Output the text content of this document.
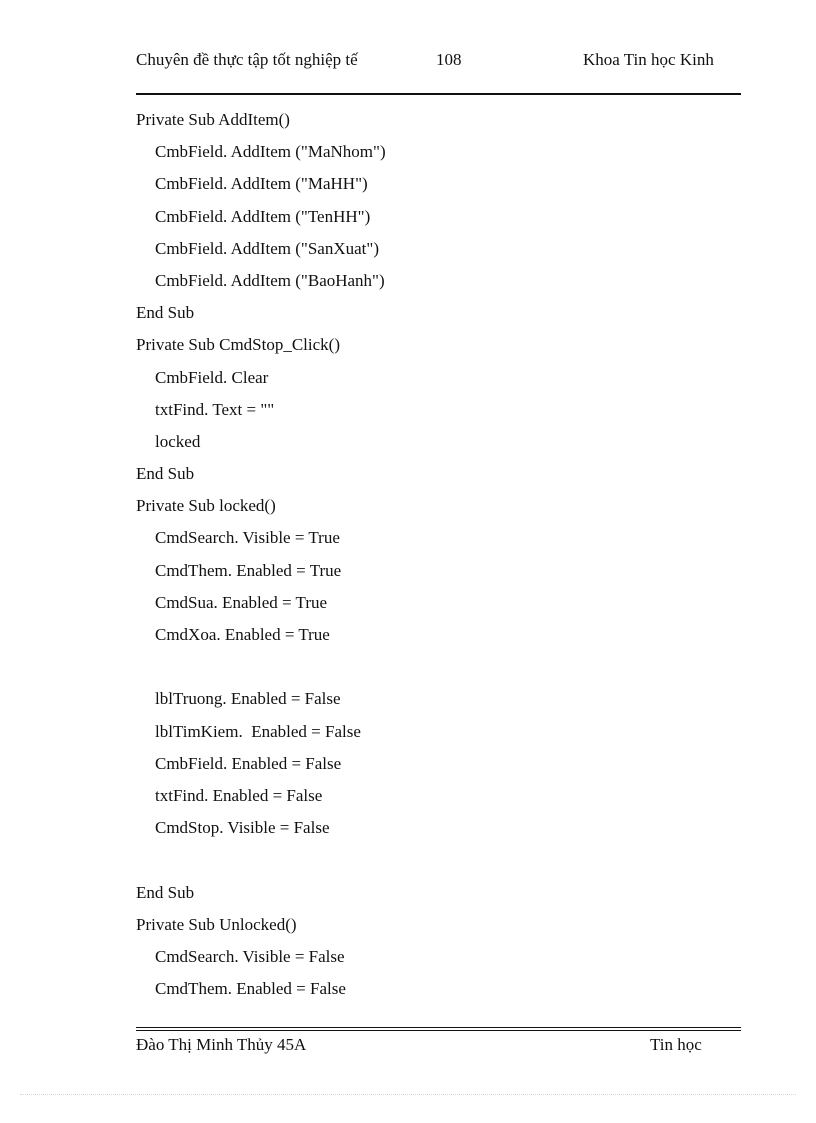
Chuyên đề thực tập tốt nghiệp tế	108	Khoa Tin học Kinh
Private Sub AddItem()
CmbField. AddItem ("MaNhom")
CmbField. AddItem ("MaHH")
CmbField. AddItem ("TenHH")
CmbField. AddItem ("SanXuat")
CmbField. AddItem ("BaoHanh")
End Sub
Private Sub CmdStop_Click()
CmbField. Clear
txtFind. Text = ""
locked
End Sub
Private Sub locked()
CmdSearch. Visible = True
CmdThem. Enabled = True
CmdSua. Enabled = True
CmdXoa. Enabled = True
lblTruong. Enabled = False
lblTimKiem.  Enabled = False
CmbField. Enabled = False
txtFind. Enabled = False
CmdStop. Visible = False
End Sub
Private Sub Unlocked()
CmdSearch. Visible = False
CmdThem. Enabled = False
Đào Thị Minh Thủy 45A	Tin học
